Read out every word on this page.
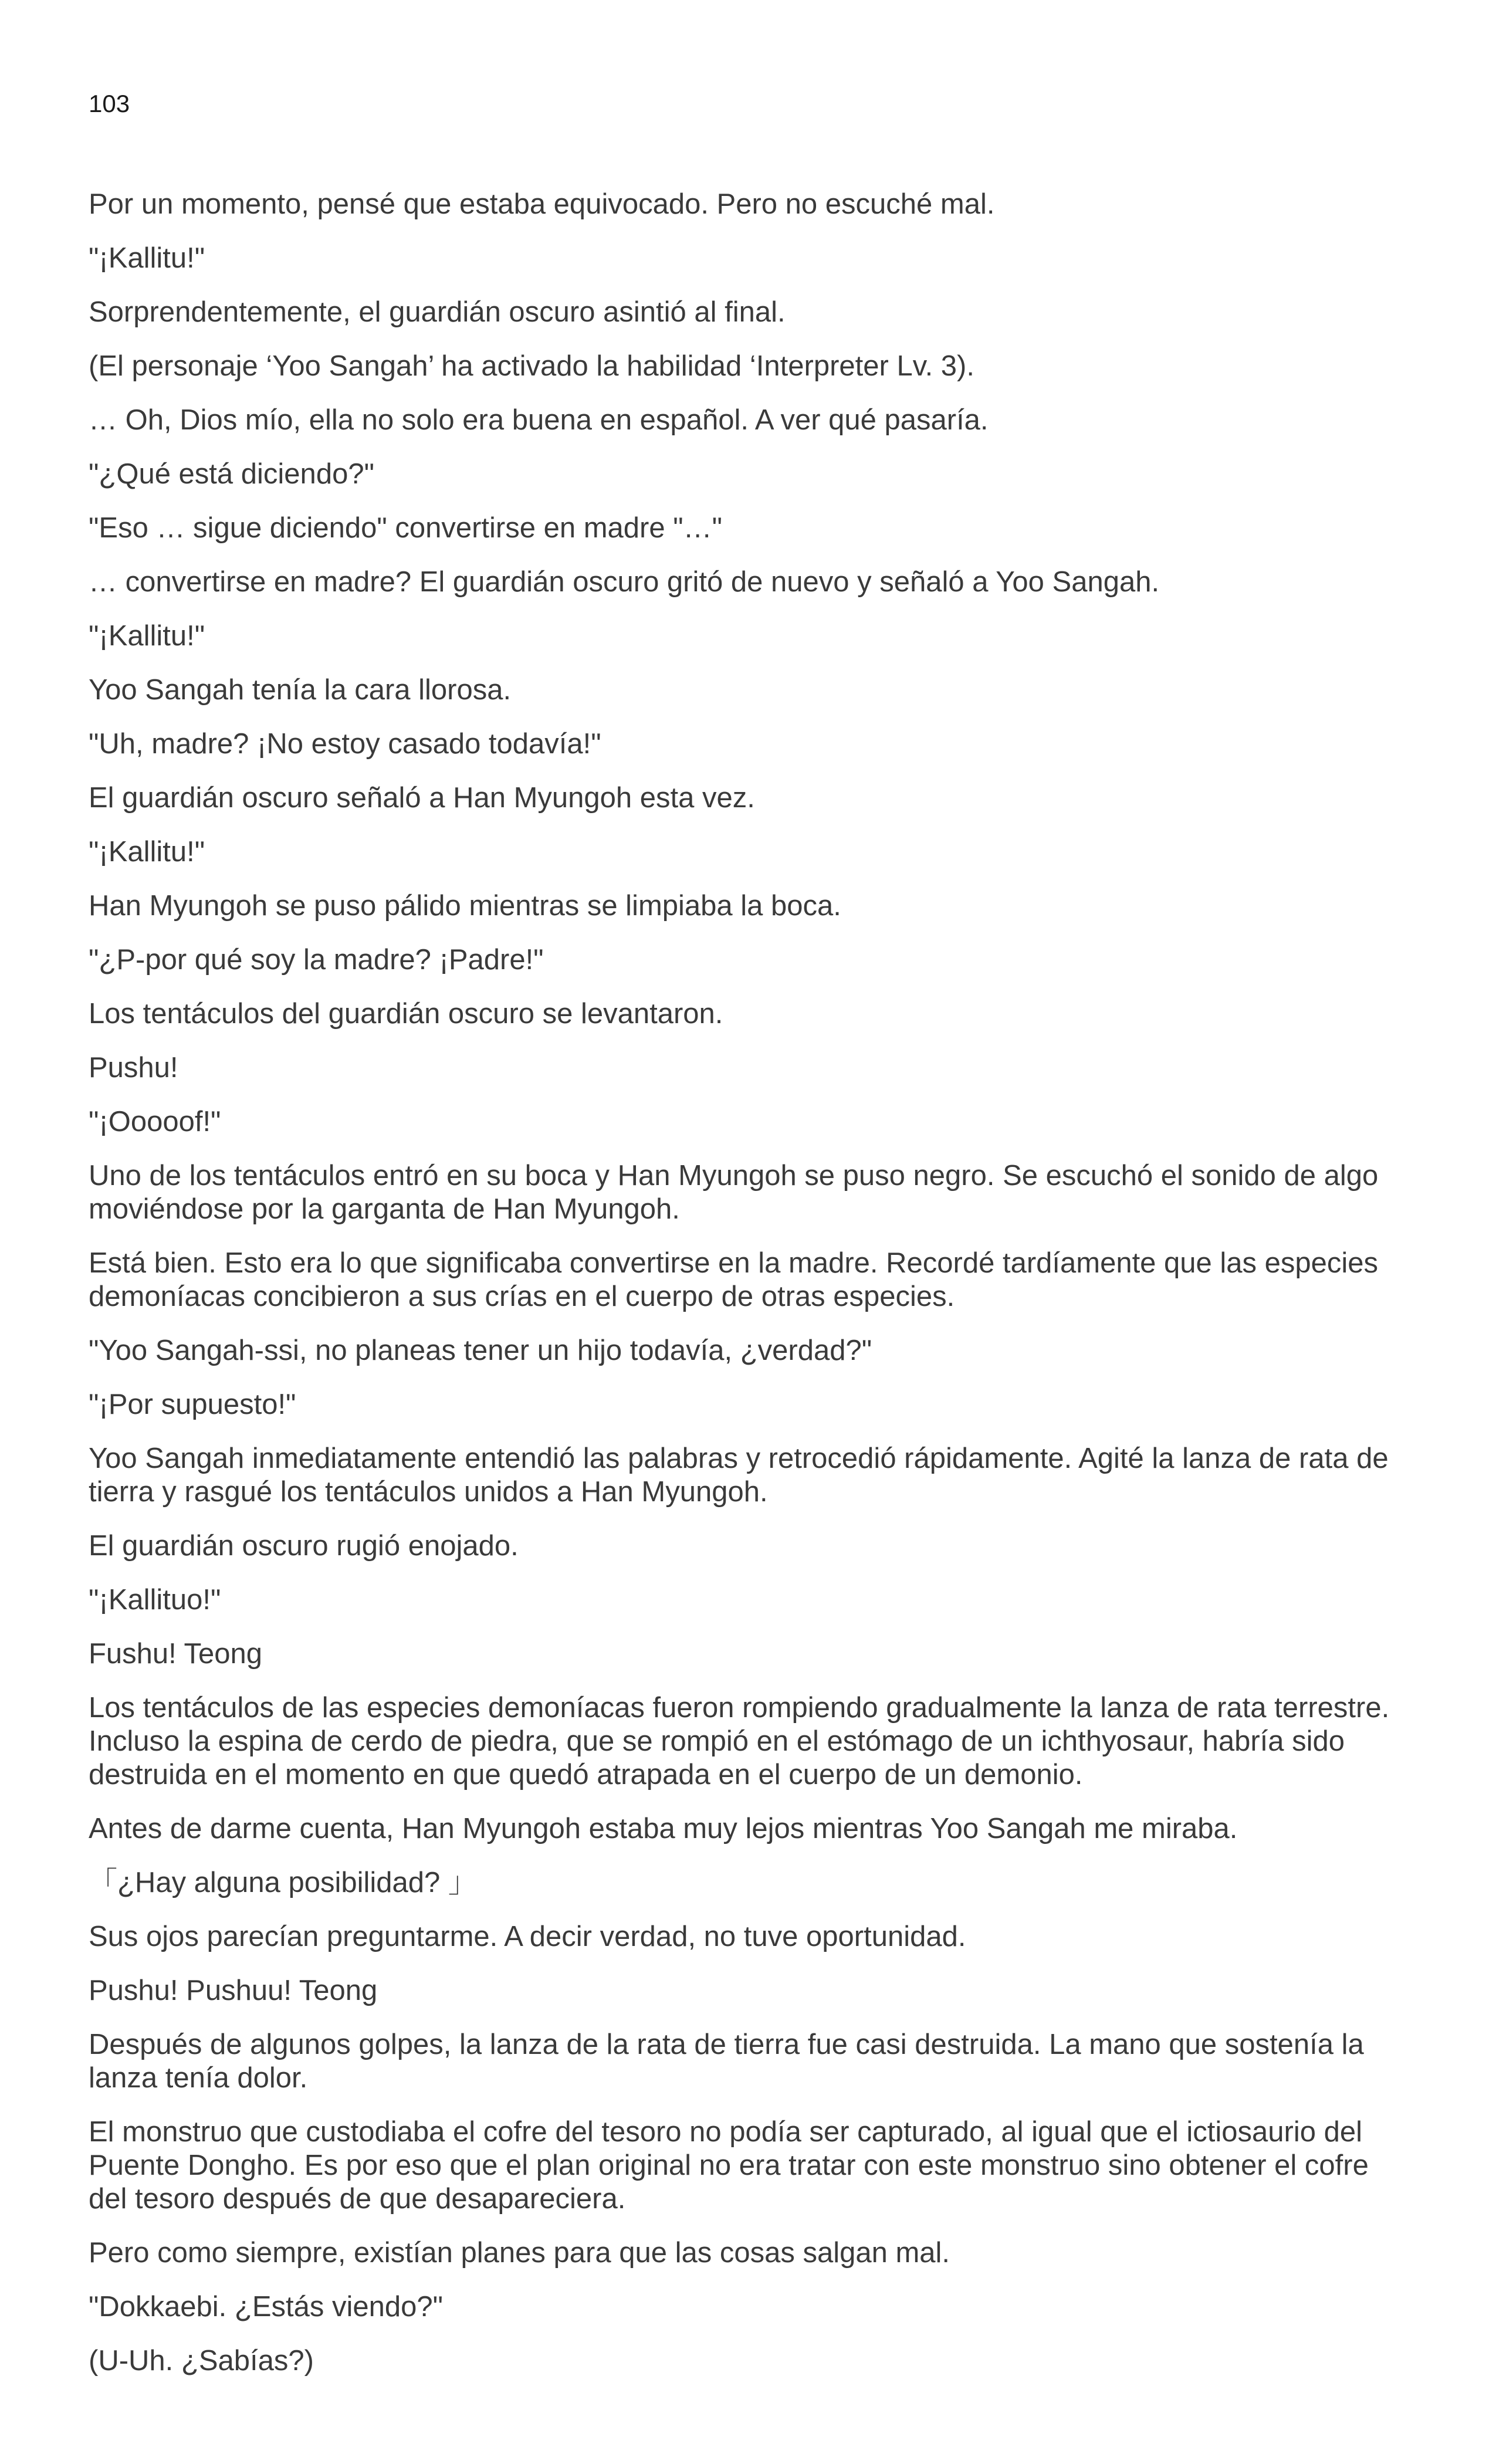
103

Por un momento, pensé que estaba equivocado. Pero no escuché mal.

"¡Kallitu!"

Sorprendentemente, el guardián oscuro asintió al final.

(El personaje ‘Yoo Sangah’ ha activado la habilidad ‘Interpreter Lv. 3).

… Oh, Dios mío, ella no solo era buena en español. A ver qué pasaría.

"¿Qué está diciendo?"

"Eso … sigue diciendo" convertirse en madre "…"

… convertirse en madre? El guardián oscuro gritó de nuevo y señaló a Yoo Sangah.

"¡Kallitu!"

Yoo Sangah tenía la cara llorosa.

"Uh, madre? ¡No estoy casado todavía!"

El guardián oscuro señaló a Han Myungoh esta vez.

"¡Kallitu!"

Han Myungoh se puso pálido mientras se limpiaba la boca.

"¿P-por qué soy la madre? ¡Padre!"

Los tentáculos del guardián oscuro se levantaron.

Pushu!

"¡Ooooof!"

Uno de los tentáculos entró en su boca y Han Myungoh se puso negro. Se escuchó el sonido de algo moviéndose por la garganta de Han Myungoh.

Está bien. Esto era lo que significaba convertirse en la madre. Recordé tardíamente que las especies demoníacas concibieron a sus crías en el cuerpo de otras especies.

"Yoo Sangah-ssi, no planeas tener un hijo todavía, ¿verdad?"

"¡Por supuesto!"

Yoo Sangah inmediatamente entendió las palabras y retrocedió rápidamente. Agité la lanza de rata de tierra y rasgué los tentáculos unidos a Han Myungoh.

El guardián oscuro rugió enojado.

"¡Kallituo!"

Fushu! Teong

Los tentáculos de las especies demoníacas fueron rompiendo gradualmente la lanza de rata terrestre. Incluso la espina de cerdo de piedra, que se rompió en el estómago de un ichthyosaur, habría sido destruida en el momento en que quedó atrapada en el cuerpo de un demonio.

Antes de darme cuenta, Han Myungoh estaba muy lejos mientras Yoo Sangah me miraba.

「¿Hay alguna posibilidad? 」

Sus ojos parecían preguntarme. A decir verdad, no tuve oportunidad.

Pushu! Pushuu! Teong

Después de algunos golpes, la lanza de la rata de tierra fue casi destruida. La mano que sostenía la lanza tenía dolor.

El monstruo que custodiaba el cofre del tesoro no podía ser capturado, al igual que el ictiosaurio del Puente Dongho. Es por eso que el plan original no era tratar con este monstruo sino obtener el cofre del tesoro después de que desapareciera.

Pero como siempre, existían planes para que las cosas salgan mal.

"Dokkaebi. ¿Estás viendo?"

(U-Uh. ¿Sabías?)
